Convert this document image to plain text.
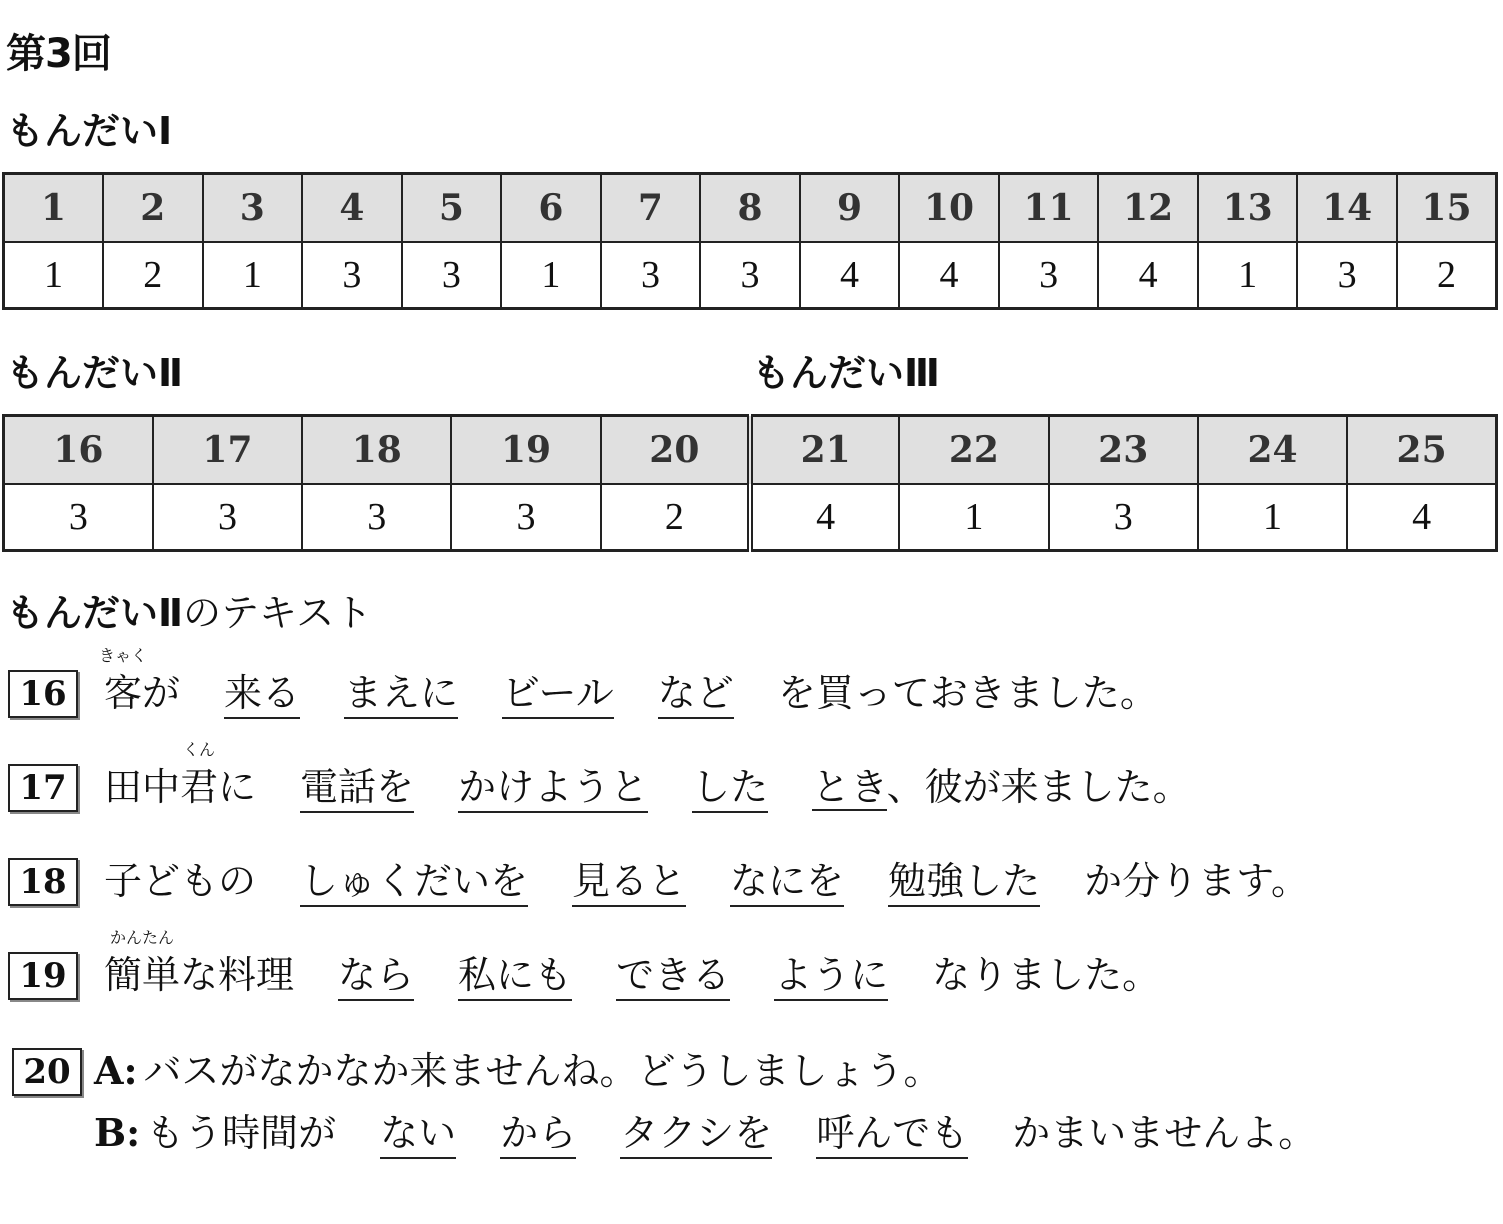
第3回
もんだいⅠ
1	2	3	4	5	6	7	8	9	10	11	12	13	14	15
1	2	1	3	3	1	3	3	4	4	3	4	1	3	2
もんだいⅡ	もんだいⅢ
16	17	18	19	20	21	22	23	24	25
3	3	3	3	2	4	1	3	1	4
もんだいⅡのテキスト
16
きゃく
客が 来る まえに ビール など を買っておきました。
17 田中
くん
君に 電話を かけようと した とき、彼が来ました。
18 子どもの しゅくだいを 見ると なにを 勉強した か分ります。
19
かんたん
簡単な料理 なら 私にも できる ように なりました。
20 A: バスがなかなか来ませんね。どうしましょう。
B: もう時間が ない から タクシを 呼んでも かまいませんよ。
